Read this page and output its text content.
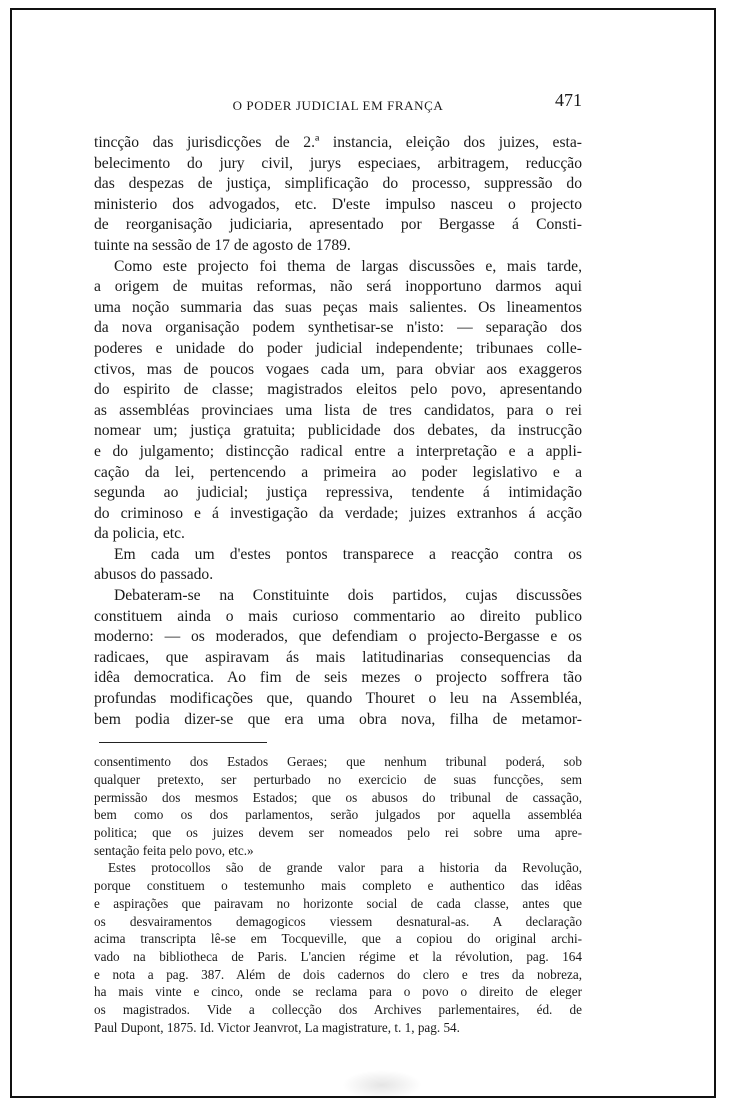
O PODER JUDICIAL EM FRANÇA	471

tincção das jurisdicções de 2.ª instancia, eleição dos juizes, esta-
belecimento do jury civil, jurys especiaes, arbitragem, reducção
das despezas de justiça, simplificação do processo, suppressão do
ministerio dos advogados, etc. D'este impulso nasceu o projecto
de reorganisação judiciaria, apresentado por Bergasse á Consti-
tuinte na sessão de 17 de agosto de 1789.

Como este projecto foi thema de largas discussões e, mais tarde,
a origem de muitas reformas, não será inopportuno darmos aqui
uma noção summaria das suas peças mais salientes. Os lineamentos
da nova organisação podem synthetisar-se n'isto: — separação dos
poderes e unidade do poder judicial independente; tribunaes colle-
ctivos, mas de poucos vogaes cada um, para obviar aos exaggeros
do espirito de classe; magistrados eleitos pelo povo, apresentando
as assembléas provinciaes uma lista de tres candidatos, para o rei
nomear um; justiça gratuita; publicidade dos debates, da instrucção
e do julgamento; distincção radical entre a interpretação e a appli-
cação da lei, pertencendo a primeira ao poder legislativo e a
segunda ao judicial; justiça repressiva, tendente á intimidação
do criminoso e á investigação da verdade; juizes extranhos á acção
da policia, etc.

Em cada um d'estes pontos transparece a reacção contra os
abusos do passado.

Debateram-se na Constituinte dois partidos, cujas discussões
constituem ainda o mais curioso commentario ao direito publico
moderno: — os moderados, que defendiam o projecto-Bergasse e os
radicaes, que aspiravam ás mais latitudinarias consequencias da
idêa democratica. Ao fim de seis mezes o projecto soffrera tão
profundas modificações que, quando Thouret o leu na Assembléa,
bem podia dizer-se que era uma obra nova, filha de metamor-

consentimento dos Estados Geraes; que nenhum tribunal poderá, sob
qualquer pretexto, ser perturbado no exercicio de suas funcções, sem
permissão dos mesmos Estados; que os abusos do tribunal de cassação,
bem como os dos parlamentos, serão julgados por aquella assembléa
politica; que os juizes devem ser nomeados pelo rei sobre uma apre-
sentação feita pelo povo, etc.»

Estes protocollos são de grande valor para a historia da Revolução,
porque constituem o testemunho mais completo e authentico das idêas
e aspirações que pairavam no horizonte social de cada classe, antes que
os desvairamentos demagogicos viessem desnatural-as. A declaração
acima transcripta lê-se em Tocqueville, que a copiou do original archi-
vado na bibliotheca de Paris. L'ancien régime et la révolution, pag. 164
e nota a pag. 387. Além de dois cadernos do clero e tres da nobreza,
ha mais vinte e cinco, onde se reclama para o povo o direito de eleger
os magistrados. Vide a collecção dos Archives parlementaires, éd. de
Paul Dupont, 1875. Id. Victor Jeanvrot, La magistrature, t. 1, pag. 54.
